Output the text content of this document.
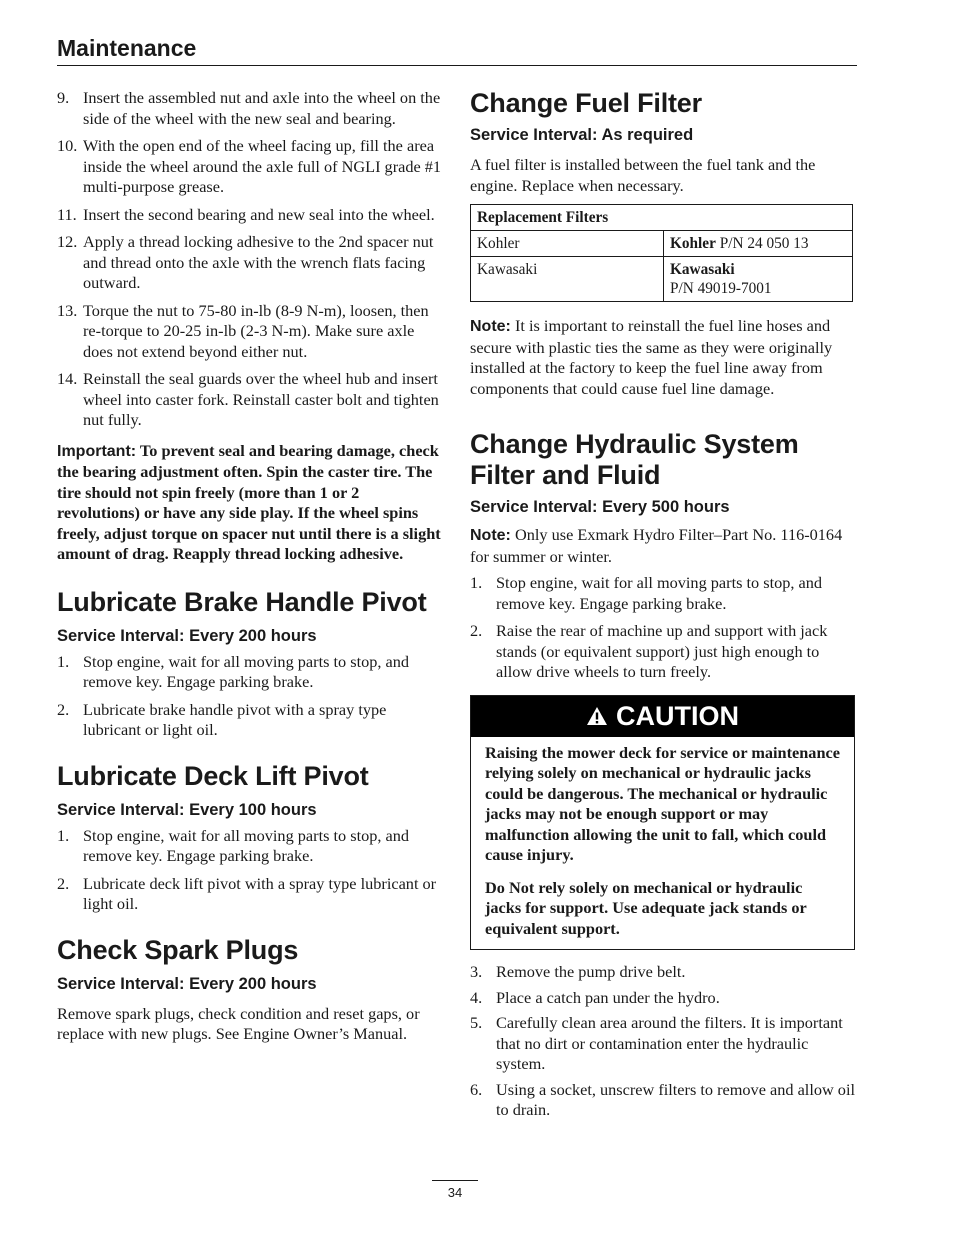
Maintenance
9. Insert the assembled nut and axle into the wheel on the side of the wheel with the new seal and bearing.
10. With the open end of the wheel facing up, fill the area inside the wheel around the axle full of NGLI grade #1 multi-purpose grease.
11. Insert the second bearing and new seal into the wheel.
12. Apply a thread locking adhesive to the 2nd spacer nut and thread onto the axle with the wrench flats facing outward.
13. Torque the nut to 75-80 in-lb (8-9 N-m), loosen, then re-torque to 20-25 in-lb (2-3 N-m). Make sure axle does not extend beyond either nut.
14. Reinstall the seal guards over the wheel hub and insert wheel into caster fork. Reinstall caster bolt and tighten nut fully.

Important: To prevent seal and bearing damage, check the bearing adjustment often. Spin the caster tire. The tire should not spin freely (more than 1 or 2 revolutions) or have any side play. If the wheel spins freely, adjust torque on spacer nut until there is a slight amount of drag. Reapply thread locking adhesive.

Lubricate Brake Handle Pivot

Service Interval: Every 200 hours

1. Stop engine, wait for all moving parts to stop, and remove key. Engage parking brake.
2. Lubricate brake handle pivot with a spray type lubricant or light oil.
Lubricate Deck Lift Pivot

Service Interval: Every 100 hours

1. Stop engine, wait for all moving parts to stop, and remove key. Engage parking brake.
2. Lubricate deck lift pivot with a spray type lubricant or light oil.
Check Spark Plugs

Service Interval: Every 200 hours

Remove spark plugs, check condition and reset gaps, or replace with new plugs. See Engine Owner’s Manual.

Change Fuel Filter

Service Interval: As required

A fuel filter is installed between the fuel tank and the engine. Replace when necessary.

Replacement Filters	
Kohler	Kohler P/N 24 050 13
Kawasaki	Kawasaki
P/N 49019-7001

Note: It is important to reinstall the fuel line hoses and secure with plastic ties the same as they were originally installed at the factory to keep the fuel line away from components that could cause fuel line damage.

Change Hydraulic System Filter and Fluid

Service Interval: Every 500 hours

Note: Only use Exmark Hydro Filter–Part No. 116-0164 for summer or winter.

1. Stop engine, wait for all moving parts to stop, and remove key. Engage parking brake.
2. Raise the rear of machine up and support with jack stands (or equivalent support) just high enough to allow drive wheels to turn freely.
CAUTION

Raising the mower deck for service or maintenance relying solely on mechanical or hydraulic jacks could be dangerous. The mechanical or hydraulic jacks may not be enough support or may malfunction allowing the unit to fall, which could cause injury.

Do Not rely solely on mechanical or hydraulic jacks for support. Use adequate jack stands or equivalent support.

3. Remove the pump drive belt.
4. Place a catch pan under the hydro.
5. Carefully clean area around the filters. It is important that no dirt or contamination enter the hydraulic system.
6. Using a socket, unscrew filters to remove and allow oil to drain.
34
